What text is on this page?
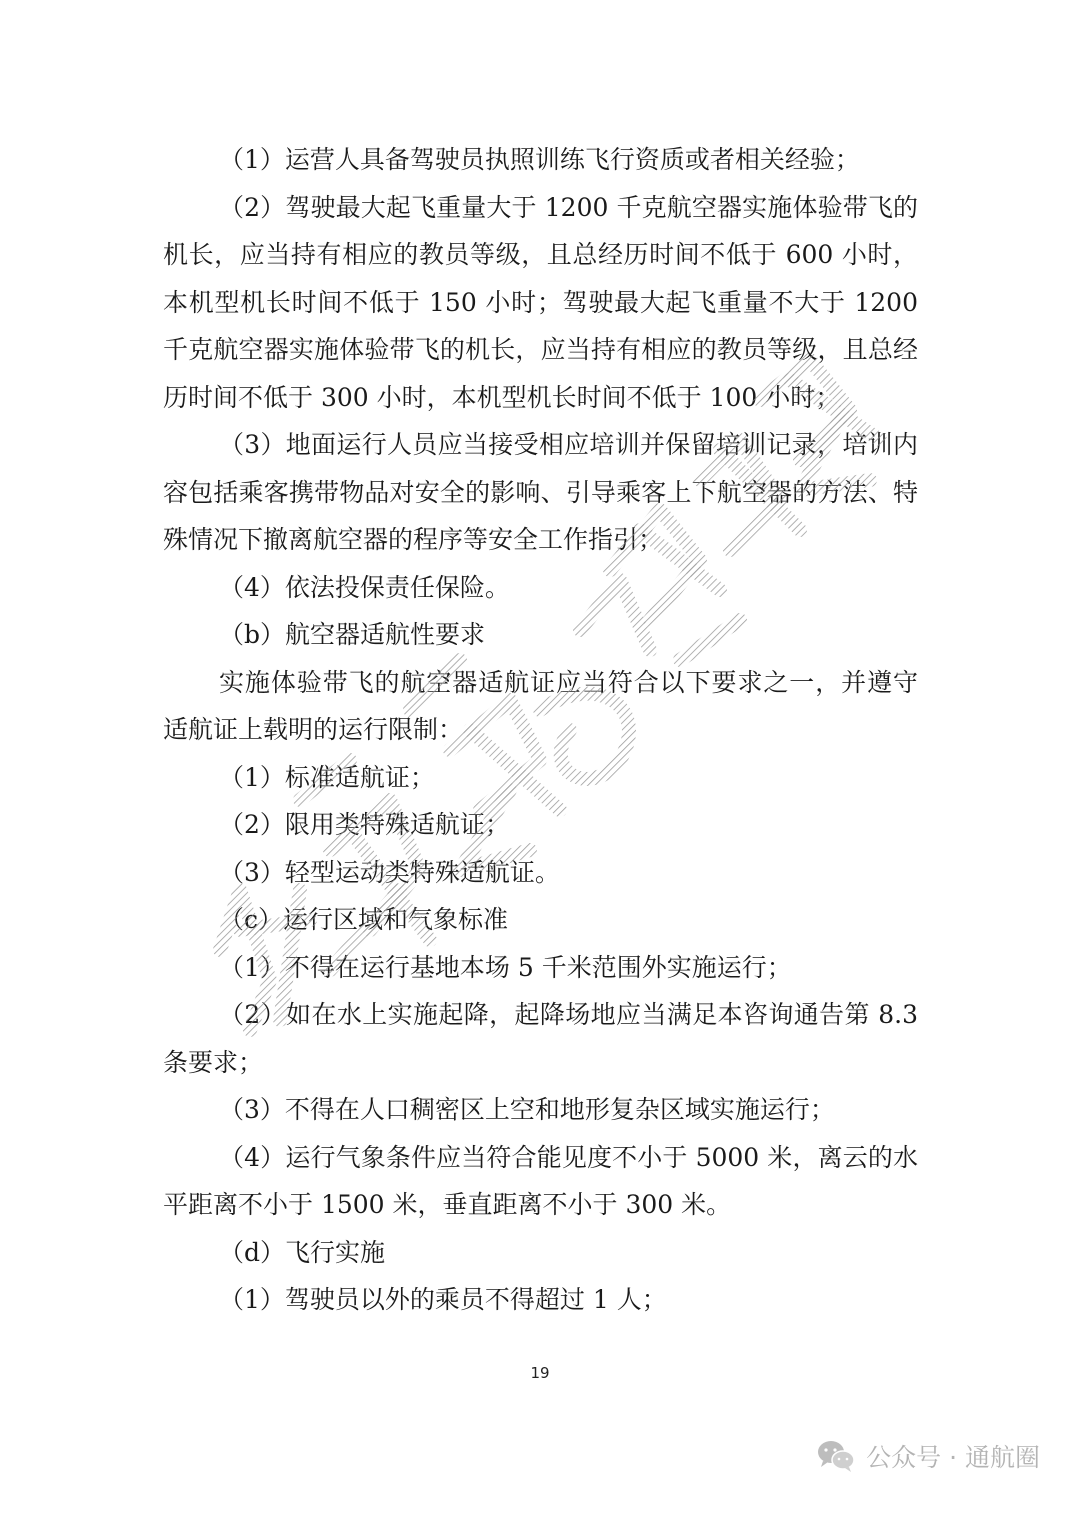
（1）运营人具备驾驶员执照训练飞行资质或者相关经验；

（2）驾驶最大起飞重量大于 1200 千克航空器实施体验带飞的机长，应当持有相应的教员等级，且总经历时间不低于 600 小时，本机型机长时间不低于 150 小时；驾驶最大起飞重量不大于 1200 千克航空器实施体验带飞的机长，应当持有相应的教员等级，且总经历时间不低于 300 小时，本机型机长时间不低于 100 小时；

（3）地面运行人员应当接受相应培训并保留培训记录，培训内容包括乘客携带物品对安全的影响、引导乘客上下航空器的方法、特殊情况下撤离航空器的程序等安全工作指引；

（4）依法投保责任保险。

（b）航空器适航性要求

实施体验带飞的航空器适航证应当符合以下要求之一，并遵守适航证上载明的运行限制：

（1）标准适航证；

（2）限用类特殊适航证；

（3）轻型运动类特殊适航证。

（c）运行区域和气象标准

（1）不得在运行基地本场 5 千米范围外实施运行；

（2）如在水上实施起降，起降场地应当满足本咨询通告第 8.3 条要求；

（3）不得在人口稠密区上空和地形复杂区域实施运行；

（4）运行气象条件应当符合能见度不小于 5000 米，离云的水平距离不小于 1500 米，垂直距离不小于 300 米。

（d）飞行实施

（1）驾驶员以外的乘员不得超过 1 人；

19
公众号 · 通航圈
